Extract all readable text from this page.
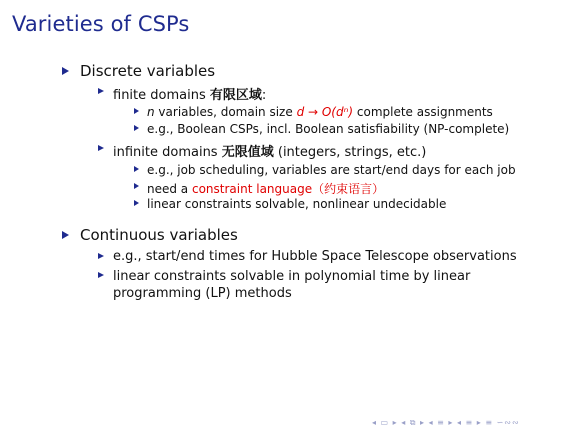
Varieties of CSPs
Discrete variables
finite domains 有限区域:
n variables, domain size d → O(dⁿ) complete assignments
e.g., Boolean CSPs, incl. Boolean satisfiability (NP-complete)
infinite domains 无限值域 (integers, strings, etc.)
e.g., job scheduling, variables are start/end days for each job
need a constraint language（约束语言）
linear constraints solvable, nonlinear undecidable
Continuous variables
e.g., start/end times for Hubble Space Telescope observations
linear constraints solvable in polynomial time by linear programming (LP) methods
◂ ▭ ▸ ◂ ⧉ ▸ ◂ ≡ ▸ ◂ ≡ ▸ ≡ ∽∾∾
